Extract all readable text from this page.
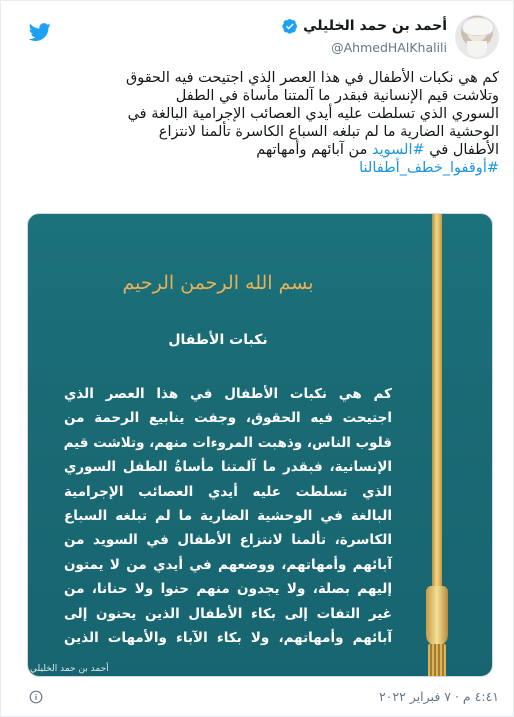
أحمد بن حمد الخليلي
@AhmedHAlKhalili

كم هي نكبات الأطفال في هذا العصر الذي اجتيحت فيه الحقوق

وتلاشت قيم الإنسانية فبقدر ما آلمتنا مأساة في الطفل

السوري الذي تسلطت عليه أيدي العصائب الإجرامية البالغة في

الوحشية الضارية ما لم تبلغه السباع الكاسرة تألمنا لانتزاع

الأطفال في #السويد من آبائهم وأمهاتهم

#أوقفوا_خطف_أطفالنا

بسم الله الرحمن الرحيم
نكبات الأطفال

كم هي نكبات الأطفال في هذا العصر الذي

اجتيحت فيه الحقوق، وجفت ينابيع الرحمة من

قلوب الناس، وذهبت المروءات منهم، وتلاشت قيم

الإنسانية، فبقدر ما آلمتنا مأساةُ الطفل السوري

الذي تسلطت عليه أيدي العصائب الإجرامية

البالغة في الوحشية الضارية ما لم تبلغه السباع

الكاسرة، تألمنا لانتزاع الأطفال في السويد من

آبائهم وأمهاتهم، ووضعهم في أيدي من لا يمتون

إليهم بصلة، ولا يجدون منهم حنوا ولا حنانا، من

غير التفات إلى بكاء الأطفال الذين يحنون إلى

آبائهم وأمهاتهم، ولا بكاء الآباء والأمهات الذين

أحمد بن حمد الخليلي
٤:٤١ م · ٧ فبراير ٢٠٢٢
